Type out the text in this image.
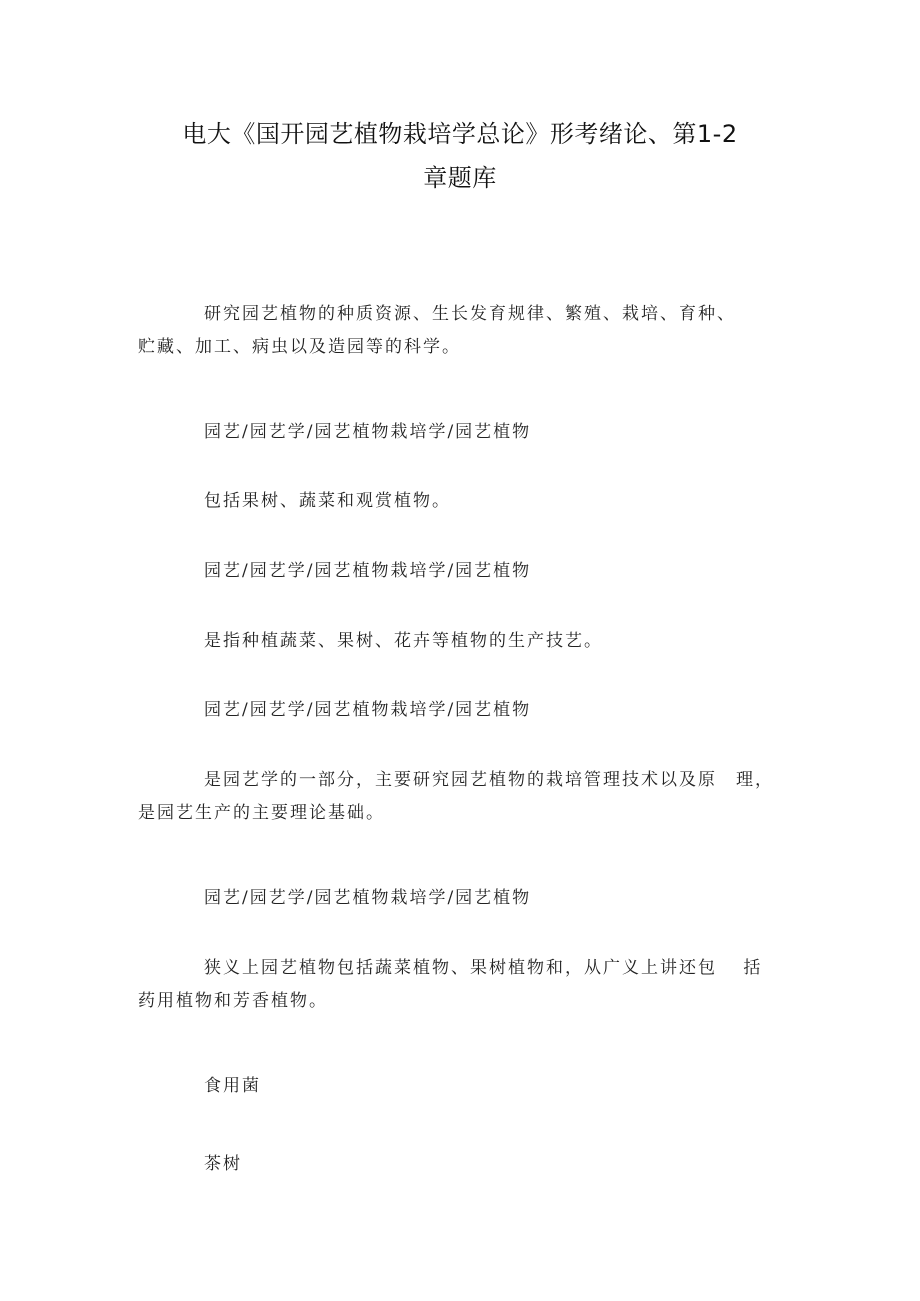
电大《国开园艺植物栽培学总论》形考绪论、第1-2
章题库

研究园艺植物的种质资源、生长发育规律、繁殖、栽培、育种、
贮藏、加工、病虫以及造园等的科学。

园艺/园艺学/园艺植物栽培学/园艺植物

包括果树、蔬菜和观赏植物。

园艺/园艺学/园艺植物栽培学/园艺植物

是指种植蔬菜、果树、花卉等植物的生产技艺。

园艺/园艺学/园艺植物栽培学/园艺植物

是园艺学的一部分，主要研究园艺植物的栽培管理技术以及原　理，
是园艺生产的主要理论基础。

园艺/园艺学/园艺植物栽培学/园艺植物

狭义上园艺植物包括蔬菜植物、果树植物和，从广义上讲还包　 括
药用植物和芳香植物。

食用菌

茶树
